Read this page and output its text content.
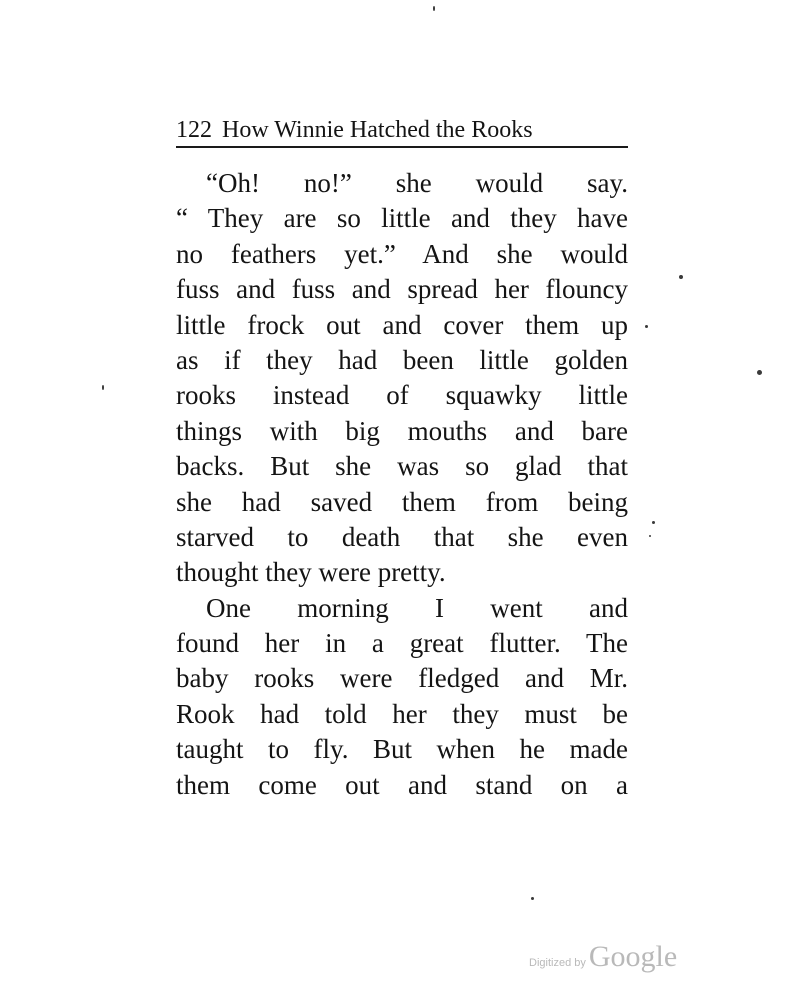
122 How Winnie Hatched the Rooks
“Oh! no!” she would say.
“ They are so little and they have
no feathers yet.” And she would
fuss and fuss and spread her flouncy
little frock out and cover them up
as if they had been little golden
rooks instead of squawky little
things with big mouths and bare
backs. But she was so glad that
she had saved them from being
starved to death that she even
thought they were pretty.
One morning I went and
found her in a great flutter. The
baby rooks were fledged and Mr.
Rook had told her they must be
taught to fly. But when he made
them come out and stand on a
Digitized by Google
